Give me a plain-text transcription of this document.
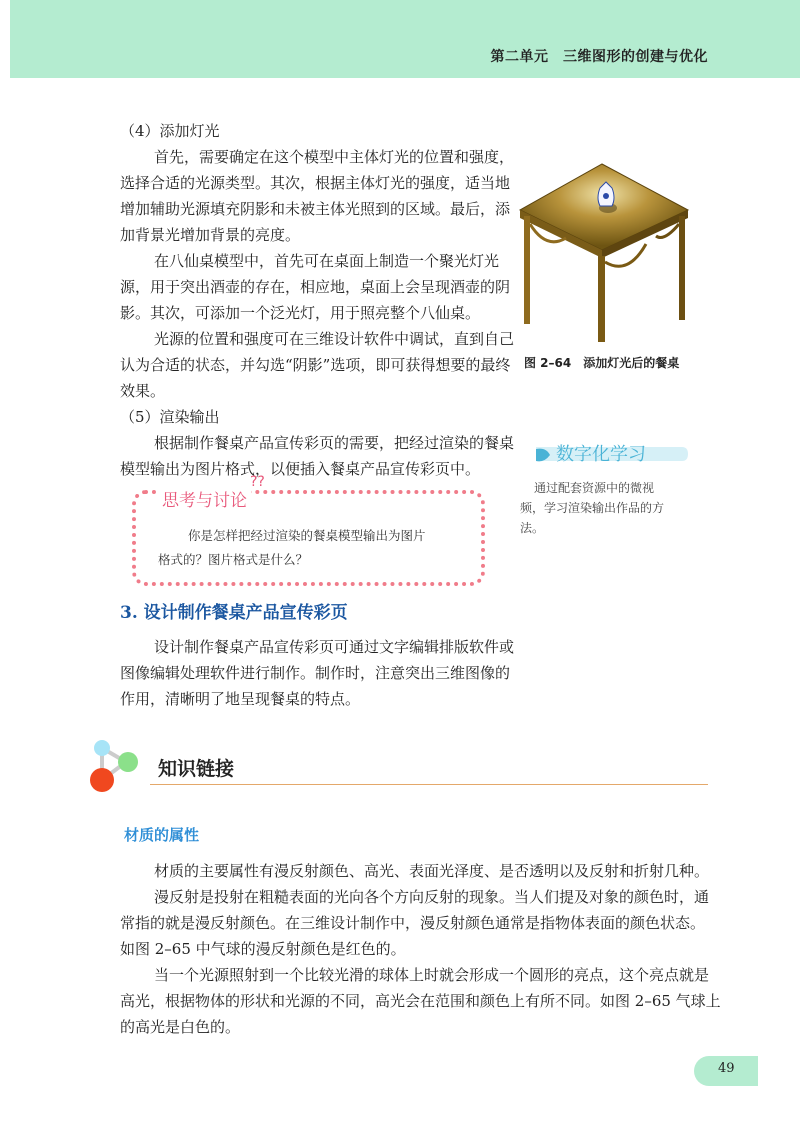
第二单元　三维图形的创建与优化
（4）添加灯光
首先，需要确定在这个模型中主体灯光的位置和强度，
选择合适的光源类型。其次，根据主体灯光的强度，适当地
增加辅助光源填充阴影和未被主体光照到的区域。最后，添
加背景光增加背景的亮度。
在八仙桌模型中，首先可在桌面上制造一个聚光灯光
源，用于突出酒壶的存在，相应地，桌面上会呈现酒壶的阴
影。其次，可添加一个泛光灯，用于照亮整个八仙桌。
光源的位置和强度可在三维设计软件中调试，直到自己
认为合适的状态，并勾选“阴影”选项，即可获得想要的最终
效果。
（5）渲染输出
根据制作餐桌产品宣传彩页的需要，把经过渲染的餐桌
模型输出为图片格式，以便插入餐桌产品宣传彩页中。
图 2–64　添加灯光后的餐桌
数字化学习
通过配套资源中的微视
频，学习渲染输出作品的方
法。
思考与讨论
??
你是怎样把经过渲染的餐桌模型输出为图片
格式的？图片格式是什么？
3. 设计制作餐桌产品宣传彩页
设计制作餐桌产品宣传彩页可通过文字编辑排版软件或
图像编辑处理软件进行制作。制作时，注意突出三维图像的
作用，清晰明了地呈现餐桌的特点。
知识链接
材质的属性
材质的主要属性有漫反射颜色、高光、表面光泽度、是否透明以及反射和折射几种。
漫反射是投射在粗糙表面的光向各个方向反射的现象。当人们提及对象的颜色时，通
常指的就是漫反射颜色。在三维设计制作中，漫反射颜色通常是指物体表面的颜色状态。
如图 2–65 中气球的漫反射颜色是红色的。
当一个光源照射到一个比较光滑的球体上时就会形成一个圆形的亮点，这个亮点就是
高光，根据物体的形状和光源的不同，高光会在范围和颜色上有所不同。如图 2–65 气球上
的高光是白色的。
49
